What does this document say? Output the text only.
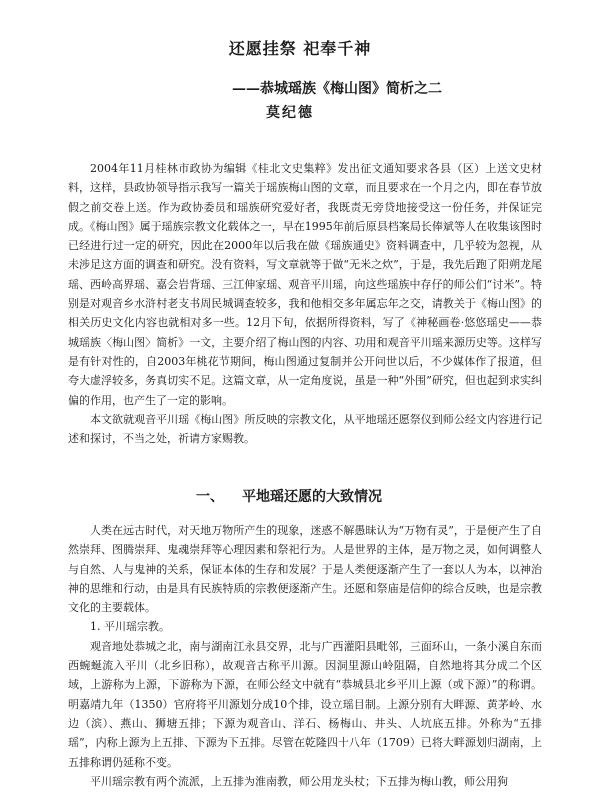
还愿挂祭 祀奉千神
——恭城瑶族《梅山图》简析之二
莫纪德

2004年11月桂林市政协为编辑《桂北文史集粹》发出征文通知要求各县（区）上送文史材料，这样，县政协领导指示我写一篇关于瑶族梅山图的文章，而且要求在一个月之内，即在春节放假之前交卷上送。作为政协委员和瑶族研究爱好者，我既责无旁贷地接受这一份任务，并保证完成。《梅山图》属于瑶族宗教文化载体之一，早在1995年前后原县档案局长俸斌等人在收集该图时已经进行过一定的研究，因此在2000年以后我在做《瑶族通史》资料调查中，几乎较为忽视，从未涉足这方面的调查和研究。没有资料，写文章就等于做“无米之炊”，于是，我先后跑了阳朔龙尾瑶、西岭高界瑶、嘉会岩背瑶、三江伸家瑶、观音平川瑶，向这些瑶族中存仔的师公们“讨米”。特别是对观音乡水浒村老支书周民城调查较多，我和他相交多年属忘年之交，请教关于《梅山图》的相关历史文化内容也就相对多一些。12月下旬，依据所得资料，写了《神秘画卷·悠悠瑶史——恭城瑶族〈梅山图〉简析》一文，主要介绍了梅山图的内容、功用和观音平川瑶来源历史等。这样写是有针对性的，自2003年桃花节期间，梅山图通过复制并公开问世以后，不少媒体作了报道，但夸大虚浮较多，务真切实不足。这篇文章，从一定角度说，虽是一种“外围”研究，但也起到求实纠偏的作用，也产生了一定的影响。

本文欲就观音平川瑶《梅山图》所反映的宗教文化，从平地瑶还愿祭仪到师公经文内容进行记述和探讨，不当之处，祈请方家赐教。

一、 平地瑶还愿的大致情况

人类在远古时代，对天地万物所产生的现象，迷惑不解愚昧认为“万物有灵”，于是便产生了自然崇拜、图腾崇拜、鬼魂崇拜等心理因素和祭祀行为。人是世界的主体，是万物之灵，如何调整人与自然、人与鬼神的关系，保证本体的生存和发展？于是人类便逐渐产生了一套以人为本，以神治神的思维和行动，由是具有民族特质的宗教便逐渐产生。还愿和祭庙是信仰的综合反映，也是宗教文化的主要载体。

1. 平川瑶宗教。

观音地处恭城之北，南与湖南江永县交界，北与广西灌阳县毗邻，三面环山，一条小溪自东而西蜿蜒流入平川（北乡旧称），故观音古称平川源。因洞里源山岭阻隔，自然地将其分成二个区域，上游称为上源，下游称为下源，在师公经文中就有“恭城县北乡平川上源（或下源）”的称谓。明嘉靖九年（1350）官府将平川源划分成10个排，设立瑶目制。上源分别有大畔源、黄茅岭、水边（滨）、燕山、狮塘五排；下源为观音山、洋石、杨梅山、井头、人坑底五排。外称为“五排瑶”，内称上源为上五排、下源为下五排。尽管在乾隆四十八年（1709）已将大畔源划归湖南，上五排称谓仍延称不变。

平川瑶宗教有两个流派，上五排为淮南教，师公用龙头杖；下五排为梅山教，师公用狗
